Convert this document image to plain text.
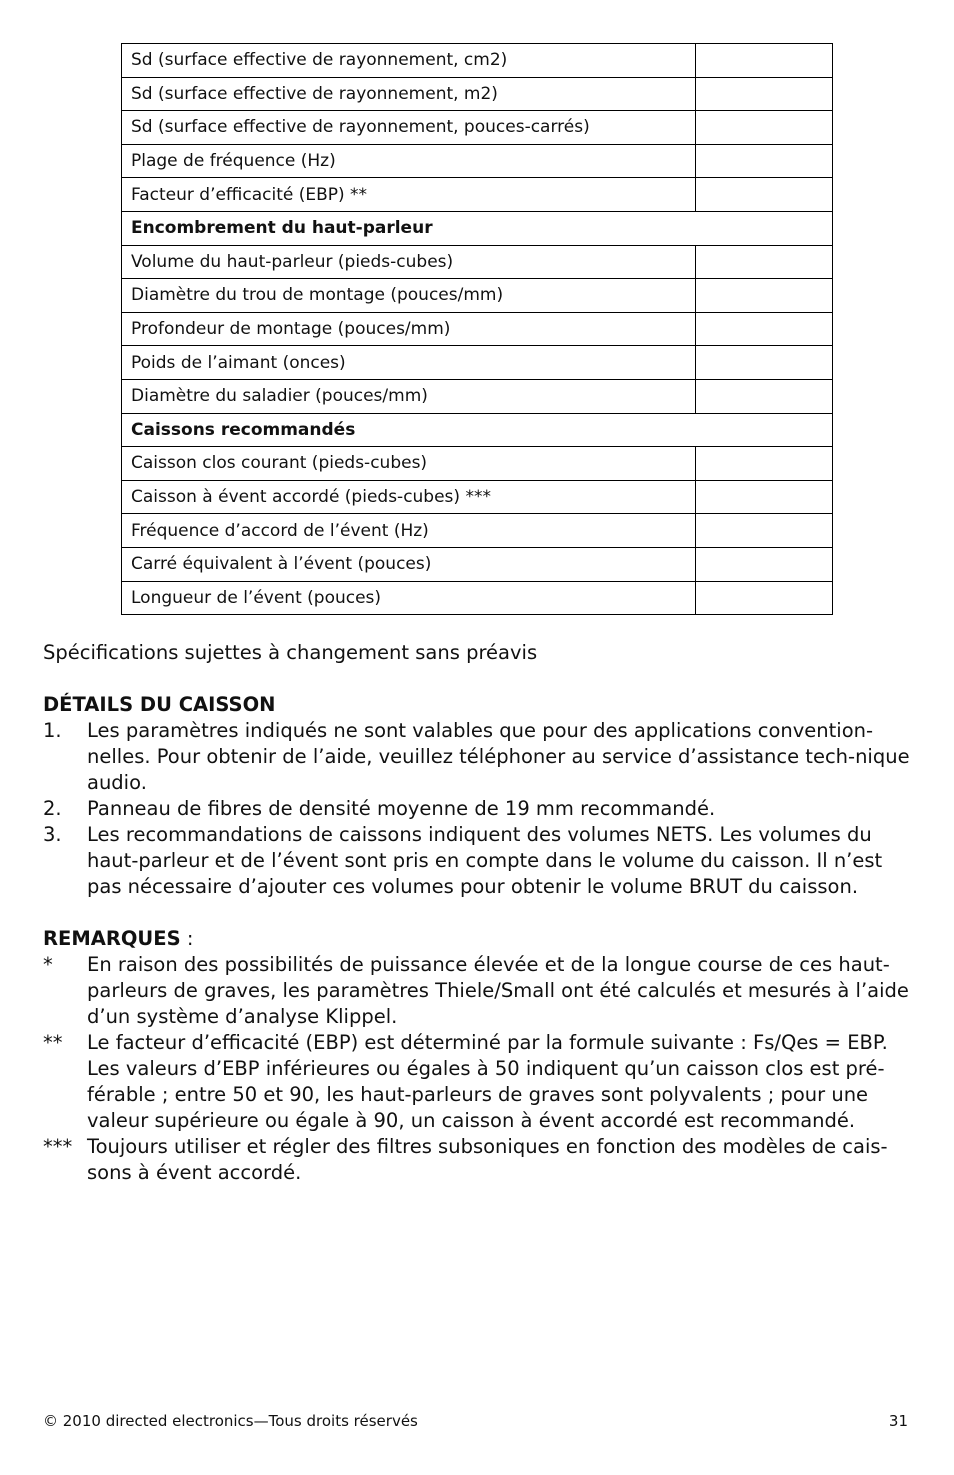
Sd (surface effective de rayonnement, cm2)	
Sd (surface effective de rayonnement, m2)	
Sd (surface effective de rayonnement, pouces-carrés)	
Plage de fréquence (Hz)	
Facteur d’efficacité (EBP) **	
Encombrement du haut-parleur	
Volume du haut-parleur (pieds-cubes)	
Diamètre du trou de montage (pouces/mm)	
Profondeur de montage (pouces/mm)	
Poids de l’aimant (onces)	
Diamètre du saladier (pouces/mm)	
Caissons recommandés	
Caisson clos courant (pieds-cubes)	
Caisson à évent accordé (pieds-cubes) ***	
Fréquence d’accord de l’évent (Hz)	
Carré équivalent à l’évent (pouces)	
Longueur de l’évent (pouces)	
Spécifications sujettes à changement sans préavis
DÉTAILS DU CAISSON
1. Les paramètres indiqués ne sont valables que pour des applications convention-nelles. Pour obtenir de l’aide, veuillez téléphoner au service d’assistance tech-nique audio.
2. Panneau de fibres de densité moyenne de 19 mm recommandé.
3. Les recommandations de caissons indiquent des volumes NETS. Les volumes du haut-parleur et de l’évent sont pris en compte dans le volume du caisson. Il n’est pas nécessaire d’ajouter ces volumes pour obtenir le volume BRUT du caisson.
REMARQUES :
* En raison des possibilités de puissance élevée et de la longue course de ces haut-parleurs de graves, les paramètres Thiele/Small ont été calculés et mesurés à l’aide d’un système d’analyse Klippel.
** Le facteur d’efficacité (EBP) est déterminé par la formule suivante : Fs/Qes = EBP. Les valeurs d’EBP inférieures ou égales à 50 indiquent qu’un caisson clos est pré-férable ; entre 50 et 90, les haut-parleurs de graves sont polyvalents ; pour une valeur supérieure ou égale à 90, un caisson à évent accordé est recommandé.
*** Toujours utiliser et régler des filtres subsoniques en fonction des modèles de cais-sons à évent accordé.
© 2010 directed electronics—Tous droits réservés	31
